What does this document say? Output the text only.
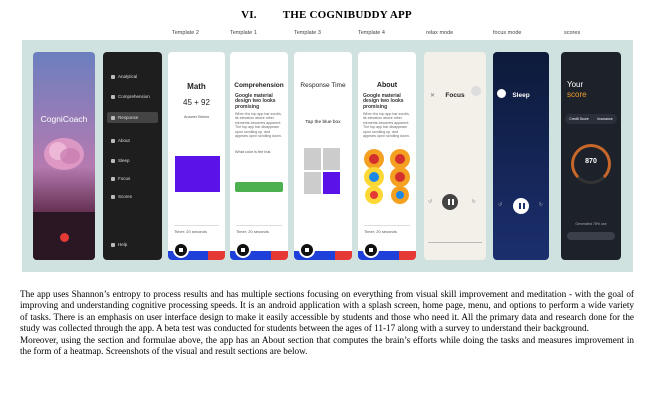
VI. THE COGNIBUDDY APP
Template 2	Template 1	Template 3	Template 4	relax mode	focus mode	scores
CogniCoach
Analytical
Comprehension
Response
About
Sleep
Focus
Scores
Help
Math
45 + 92
Answer Below
Timer: 20 seconds
Comprehension
Google material design two looks promising
When the top app bar scrolls, its elevation above other elements becomes apparent. The top app bar disappears upon scrolling up, and appears upon scrolling down.
What color is the bus
Timer: 20 seconds
Response Time
Tap the blue box
About
Google material design two looks promising
When the top app bar scrolls, its elevation above other elements becomes apparent. The top app bar disappears upon scrolling up, and appears upon scrolling down.
Timer: 20 seconds
Focus
✕
↺	↻
Sleep
↺	↻
Your
score
Credit Score Insurance
870
Generated 78% use

The app uses Shannon’s entropy to process results and has multiple sections focusing on everything from visual skill improvement and meditation - with the goal of improving and understanding cognitive processing speeds. It is an android application with a splash screen, home page, menu, and options to perform a wide variety of tasks. There is an emphasis on user interface design to make it easily accessible by students and those who need it. All the primary data and research done for the study was collected through the app. A beta test was conducted for students between the ages of 11-17 along with a survey to understand their background.

Moreover, using the section and formulae above, the app has an About section that computes the brain’s efforts while doing the tasks and measures improvement in the form of a heatmap. Screenshots of the visual and result sections are below.
